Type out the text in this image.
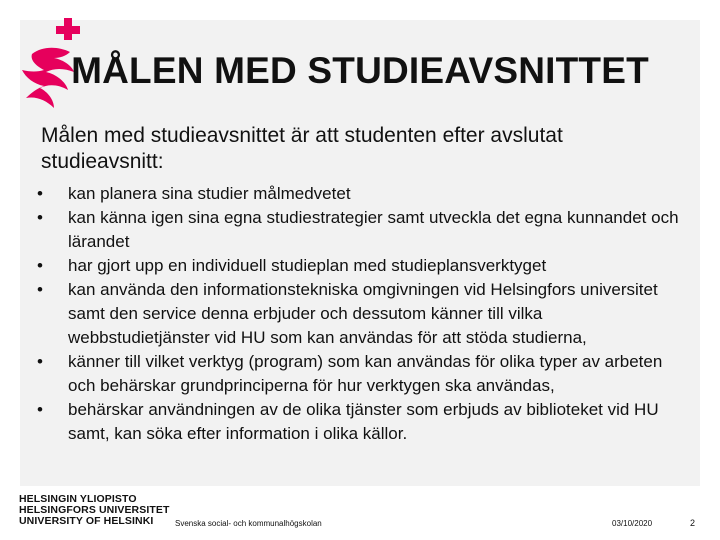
MÅLEN MED STUDIEAVSNITTET

Målen med studieavsnittet är att studenten efter avslutat studieavsnitt:

• kan planera sina studier målmedvetet
• kan känna igen sina egna studiestrategier samt utveckla det egna kunnandet och lärandet
• har gjort upp en individuell studieplan med studieplansverktyget
• kan använda den informationstekniska omgivningen vid Helsingfors universitet samt den service denna erbjuder och dessutom känner till vilka webbstudietjänster vid HU som kan användas för att stöda studierna,
• känner till vilket verktyg (program) som kan användas för olika typer av arbeten och behärskar grundprinciperna för hur verktygen ska användas,
• behärskar användningen av de olika tjänster som erbjuds av biblioteket vid HU samt, kan söka efter information i olika källor.
HELSINGIN YLIOPISTO
HELSINGFORS UNIVERSITET
UNIVERSITY OF HELSINKI	Svenska social- och kommunalhögskolan	03/10/2020	2
